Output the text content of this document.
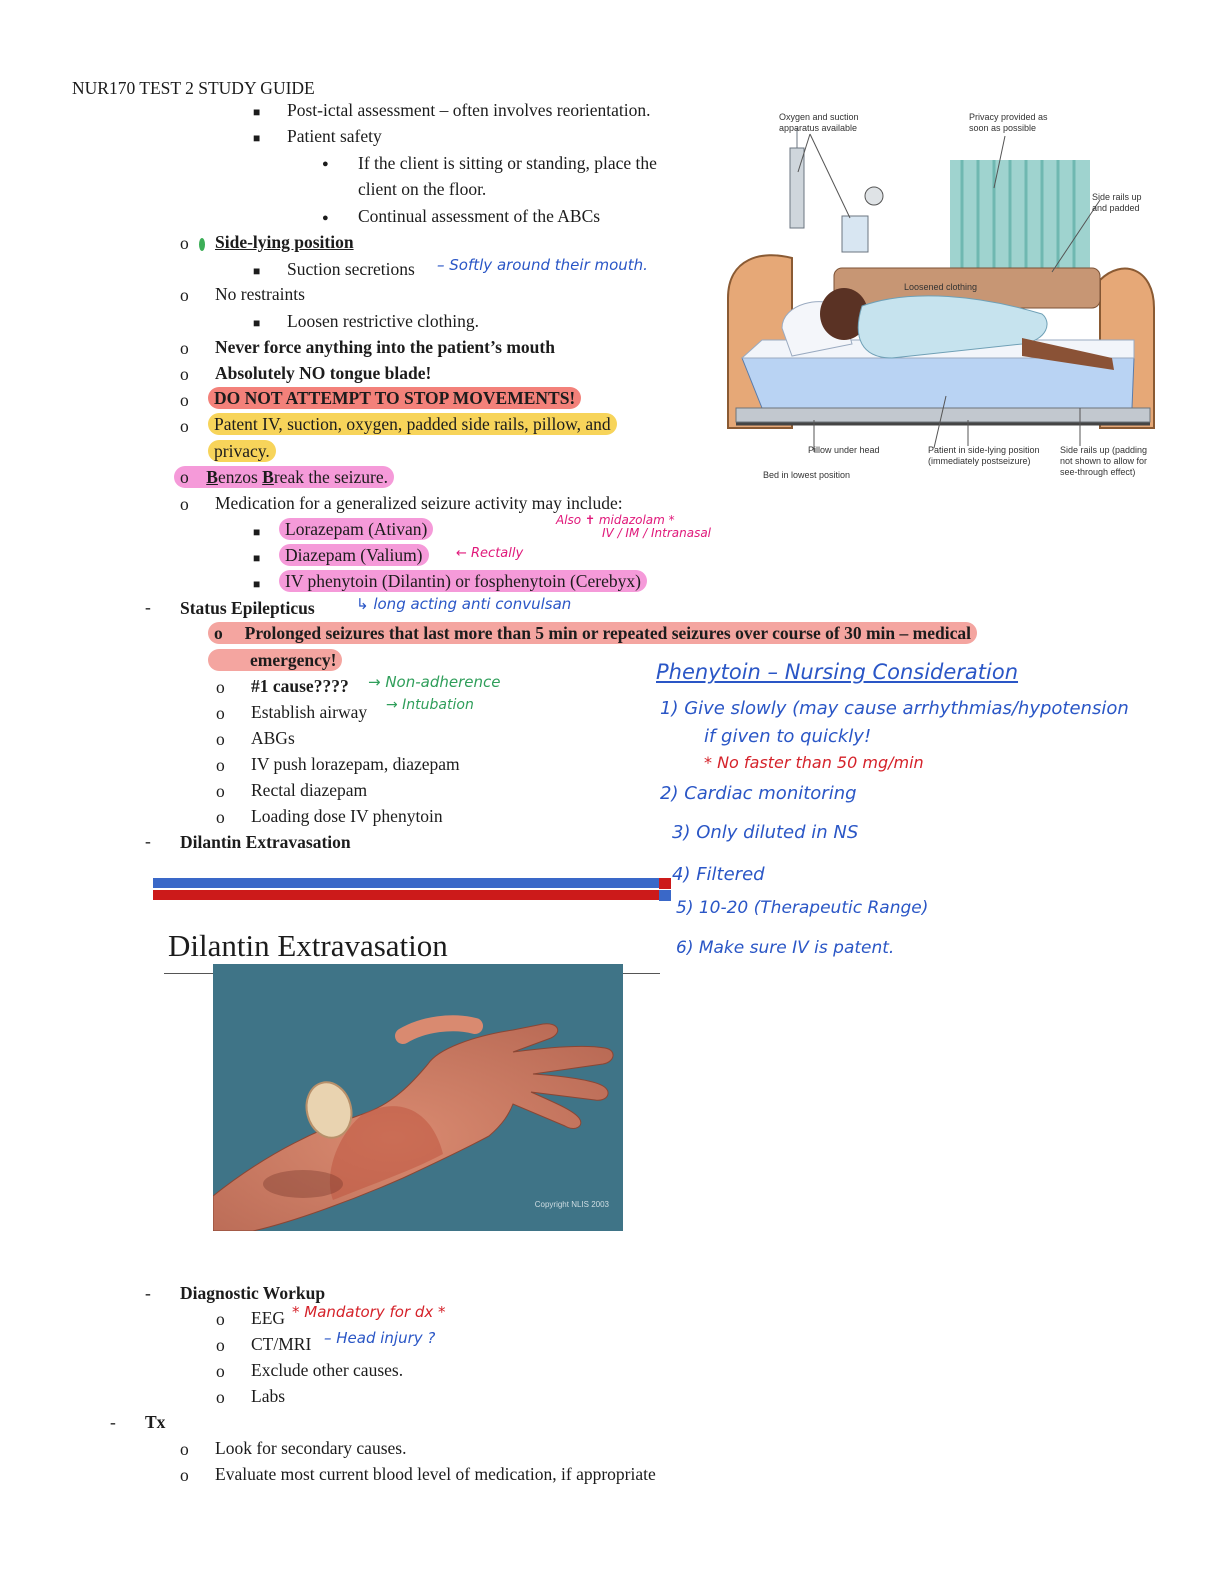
NUR170 TEST 2 STUDY GUIDE
■ Post-ictal assessment – often involves reorientation.
■ Patient safety
● If the client is sitting or standing, place the
client on the floor.
● Continual assessment of the ABCs
o Side-lying position
■ Suction secretions – Softly around their mouth.
o No restraints
■ Loosen restrictive clothing.
o Never force anything into the patient’s mouth
o Absolutely NO tongue blade!
o	DO NOT ATTEMPT TO STOP MOVEMENTS!
o	Patent IV, suction, oxygen, padded side rails, pillow, and
privacy.
o Benzos Break the seizure.
o Medication for a generalized seizure activity may include:
■	Lorazepam (Ativan)	Also ✝ midazolam *
IV / IM / Intranasal
■	Diazepam (Valium)	← Rectally
■	IV phenytoin (Dilantin) or fosphenytoin (Cerebyx)
- Status Epilepticus	↳ long acting anti convulsan
o Prolonged seizures that last more than 5 min or repeated seizures over course of 30 min – medical
emergency!
o #1 cause???? → Non-adherence
o Establish airway → Intubation
o ABGs
o IV push lorazepam, diazepam
o Rectal diazepam
o Loading dose IV phenytoin
- Dilantin Extravasation
Dilantin Extravasation
Copyright NLIS 2003
Oxygen and suction apparatus available
Privacy provided as soon as possible
Side rails up and padded
Loosened clothing
Pillow under head	Patient in side-lying position (immediately postseizure)
Side rails up (padding not shown to allow for see-through effect)
Bed in lowest position
Phenytoin – Nursing Consideration
1) Give slowly (may cause arrhythmias/hypotension
if given to quickly!
* No faster than 50 mg/min
2) Cardiac monitoring
3) Only diluted in NS
4) Filtered
5) 10-20 (Therapeutic Range)
6) Make sure IV is patent.
- Diagnostic Workup
o EEG * Mandatory for dx *
o CT/MRI – Head injury ?
o Exclude other causes.
o Labs
- Tx
o Look for secondary causes.
o Evaluate most current blood level of medication, if appropriate
